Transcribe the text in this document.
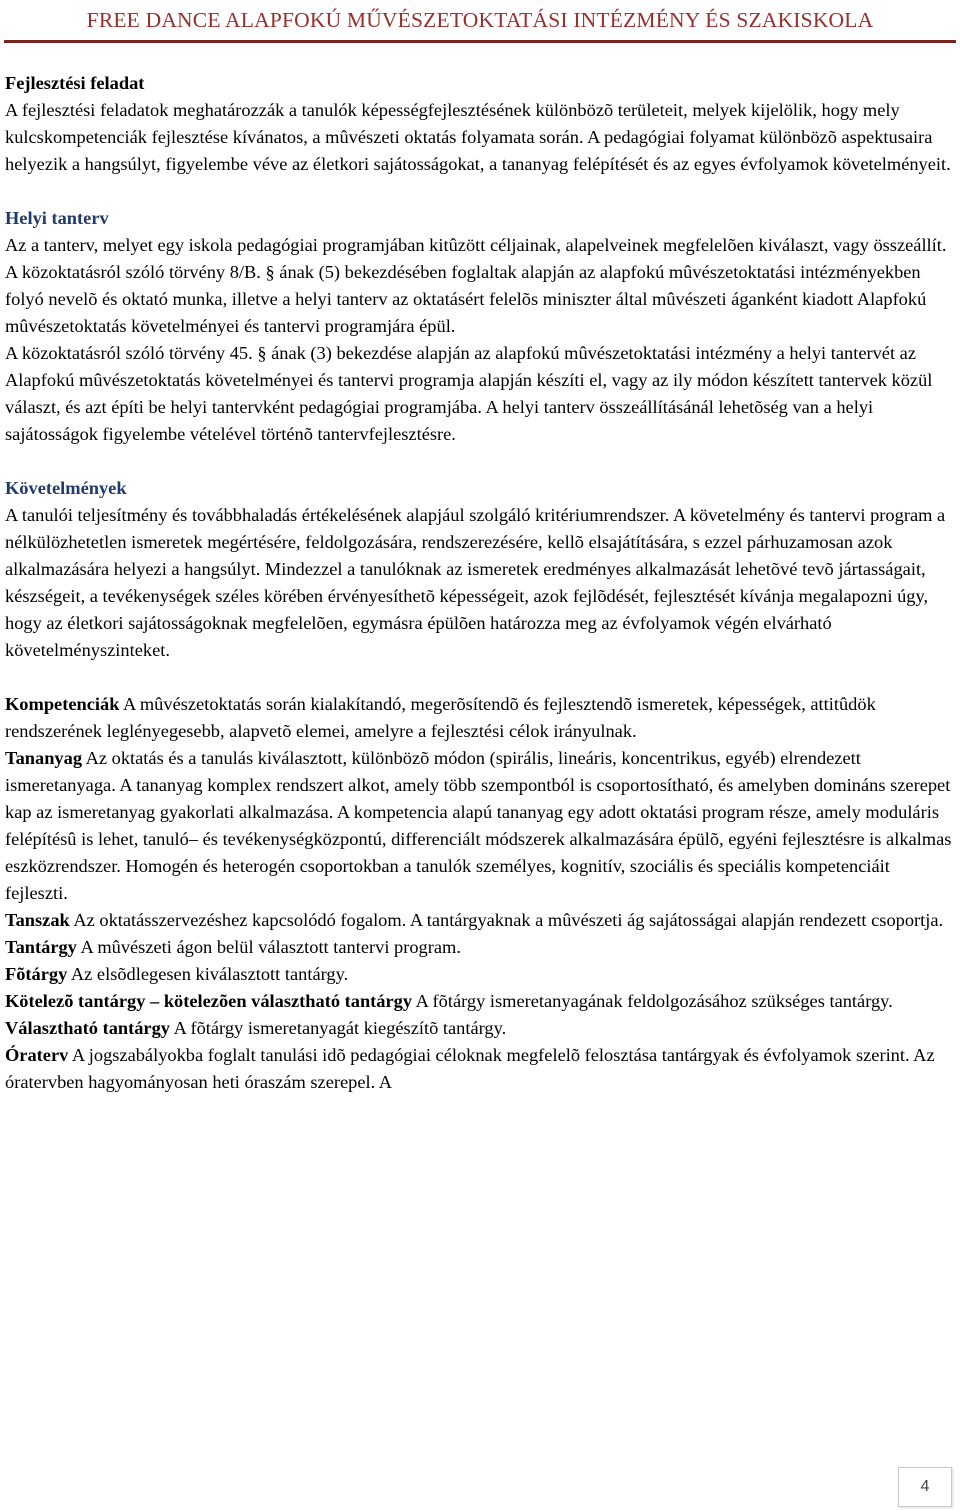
FREE DANCE ALAPFOKÚ MŰVÉSZETOKTATÁSI INTÉZMÉNY ÉS SZAKISKOLA

Fejlesztési feladat

A fejlesztési feladatok meghatározzák a tanulók képességfejlesztésének különbözõ területeit, melyek kijelölik, hogy mely kulcskompetenciák fejlesztése kívánatos, a mûvészeti oktatás folyamata során. A pedagógiai folyamat különbözõ aspektusaira helyezik a hangsúlyt, figyelembe véve az életkori sajátosságokat, a tananyag felépítését és az egyes évfolyamok követelményeit.

Helyi tanterv

Az a tanterv, melyet egy iskola pedagógiai programjában kitûzött céljainak, alapelveinek megfelelõen kiválaszt, vagy összeállít.

A közoktatásról szóló törvény 8/B. § ának (5) bekezdésében foglaltak alapján az alapfokú mûvészetoktatási intézményekben folyó nevelõ és oktató munka, illetve a helyi tanterv az oktatásért felelõs miniszter által mûvészeti áganként kiadott Alapfokú mûvészetoktatás követelményei és tantervi programjára épül.

A közoktatásról szóló törvény 45. § ának (3) bekezdése alapján az alapfokú mûvészetoktatási intézmény a helyi tantervét az Alapfokú mûvészetoktatás követelményei és tantervi programja alapján készíti el, vagy az ily módon készített tantervek közül választ, és azt építi be helyi tantervként pedagógiai programjába. A helyi tanterv összeállításánál lehetõség van a helyi sajátosságok figyelembe vételével történõ tantervfejlesztésre.

Követelmények

A tanulói teljesítmény és továbbhaladás értékelésének alapjául szolgáló kritériumrendszer. A követelmény és tantervi program a nélkülözhetetlen ismeretek megértésére, feldolgozására, rendszerezésére, kellõ elsajátítására, s ezzel párhuzamosan azok alkalmazására helyezi a hangsúlyt. Mindezzel a tanulóknak az ismeretek eredményes alkalmazását lehetõvé tevõ jártasságait, készségeit, a tevékenységek széles körében érvényesíthetõ képességeit, azok fejlõdését, fejlesztését kívánja megalapozni úgy, hogy az életkori sajátosságoknak megfelelõen, egymásra épülõen határozza meg az évfolyamok végén elvárható követelményszinteket.

Kompetenciák A mûvészetoktatás során kialakítandó, megerõsítendõ és fejlesztendõ ismeretek, képességek, attitûdök rendszerének leglényegesebb, alapvetõ elemei, amelyre a fejlesztési célok irányulnak.

Tananyag Az oktatás és a tanulás kiválasztott, különbözõ módon (spirális, lineáris, koncentrikus, egyéb) elrendezett ismeretanyaga. A tananyag komplex rendszert alkot, amely több szempontból is csoportosítható, és amelyben domináns szerepet kap az ismeretanyag gyakorlati alkalmazása. A kompetencia alapú tananyag egy adott oktatási program része, amely moduláris felépítésû is lehet, tanuló– és tevékenységközpontú, differenciált módszerek alkalmazására épülõ, egyéni fejlesztésre is alkalmas eszközrendszer. Homogén és heterogén csoportokban a tanulók személyes, kognitív, szociális és speciális kompetenciáit fejleszti.

Tanszak Az oktatásszervezéshez kapcsolódó fogalom. A tantárgyaknak a mûvészeti ág sajátosságai alapján rendezett csoportja.

Tantárgy A mûvészeti ágon belül választott tantervi program.

Fõtárgy Az elsõdlegesen kiválasztott tantárgy.

Kötelezõ tantárgy – kötelezõen választható tantárgy A fõtárgy ismeretanyagának feldolgozásához szükséges tantárgy.

Választható tantárgy A fõtárgy ismeretanyagát kiegészítõ tantárgy.

Óraterv A jogszabályokba foglalt tanulási idõ pedagógiai céloknak megfelelõ felosztása tantárgyak és évfolyamok szerint. Az óratervben hagyományosan heti óraszám szerepel. A

4
